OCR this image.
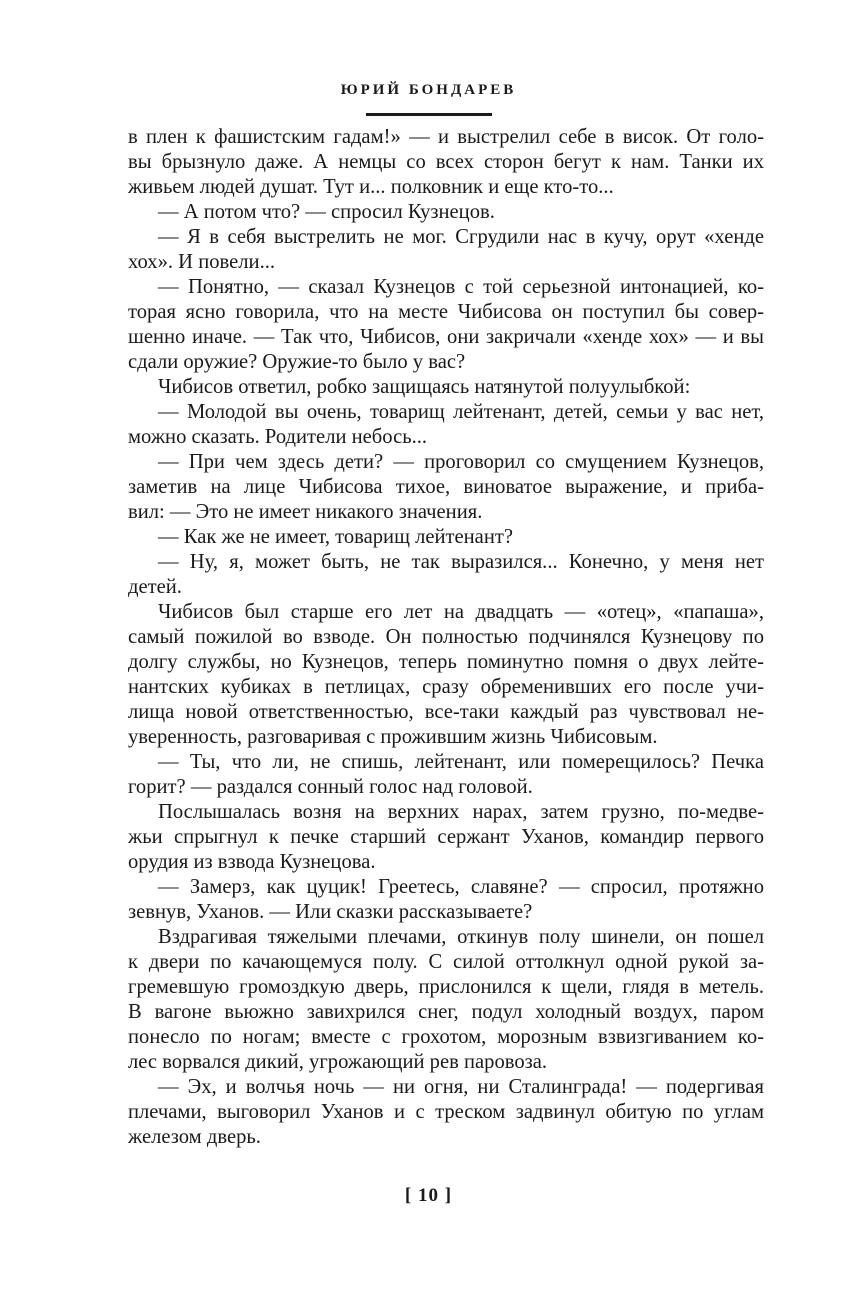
ЮРИЙ БОНДАРЕВ
в плен к фашистским гадам!» — и выстрелил себе в висок. От голо-
вы брызнуло даже. А немцы со всех сторон бегут к нам. Танки их
живьем людей душат. Тут и... полковник и еще кто-то...
— А потом что? — спросил Кузнецов.
— Я в себя выстрелить не мог. Сгрудили нас в кучу, орут «хенде
хох». И повели...
— Понятно, — сказал Кузнецов с той серьезной интонацией, ко-
торая ясно говорила, что на месте Чибисова он поступил бы совер-
шенно иначе. — Так что, Чибисов, они закричали «хенде хох» — и вы
сдали оружие? Оружие-то было у вас?
Чибисов ответил, робко защищаясь натянутой полуулыбкой:
— Молодой вы очень, товарищ лейтенант, детей, семьи у вас нет,
можно сказать. Родители небось...
— При чем здесь дети? — проговорил со смущением Кузнецов,
заметив на лице Чибисова тихое, виноватое выражение, и приба-
вил: — Это не имеет никакого значения.
— Как же не имеет, товарищ лейтенант?
— Ну, я, может быть, не так выразился... Конечно, у меня нет
детей.
Чибисов был старше его лет на двадцать — «отец», «папаша»,
самый пожилой во взводе. Он полностью подчинялся Кузнецову по
долгу службы, но Кузнецов, теперь поминутно помня о двух лейте-
нантских кубиках в петлицах, сразу обременивших его после учи-
лища новой ответственностью, все-таки каждый раз чувствовал не-
уверенность, разговаривая с прожившим жизнь Чибисовым.
— Ты, что ли, не спишь, лейтенант, или померещилось? Печка
горит? — раздался сонный голос над головой.
Послышалась возня на верхних нарах, затем грузно, по-медве-
жьи спрыгнул к печке старший сержант Уханов, командир первого
орудия из взвода Кузнецова.
— Замерз, как цуцик! Греетесь, славяне? — спросил, протяжно
зевнув, Уханов. — Или сказки рассказываете?
Вздрагивая тяжелыми плечами, откинув полу шинели, он пошел
к двери по качающемуся полу. С силой оттолкнул одной рукой за-
гремевшую громоздкую дверь, прислонился к щели, глядя в метель.
В вагоне вьюжно завихрился снег, подул холодный воздух, паром
понесло по ногам; вместе с грохотом, морозным взвизгиванием ко-
лес ворвался дикий, угрожающий рев паровоза.
— Эх, и волчья ночь — ни огня, ни Сталинграда! — подергивая
плечами, выговорил Уханов и с треском задвинул обитую по углам
железом дверь.
[ 10 ]
